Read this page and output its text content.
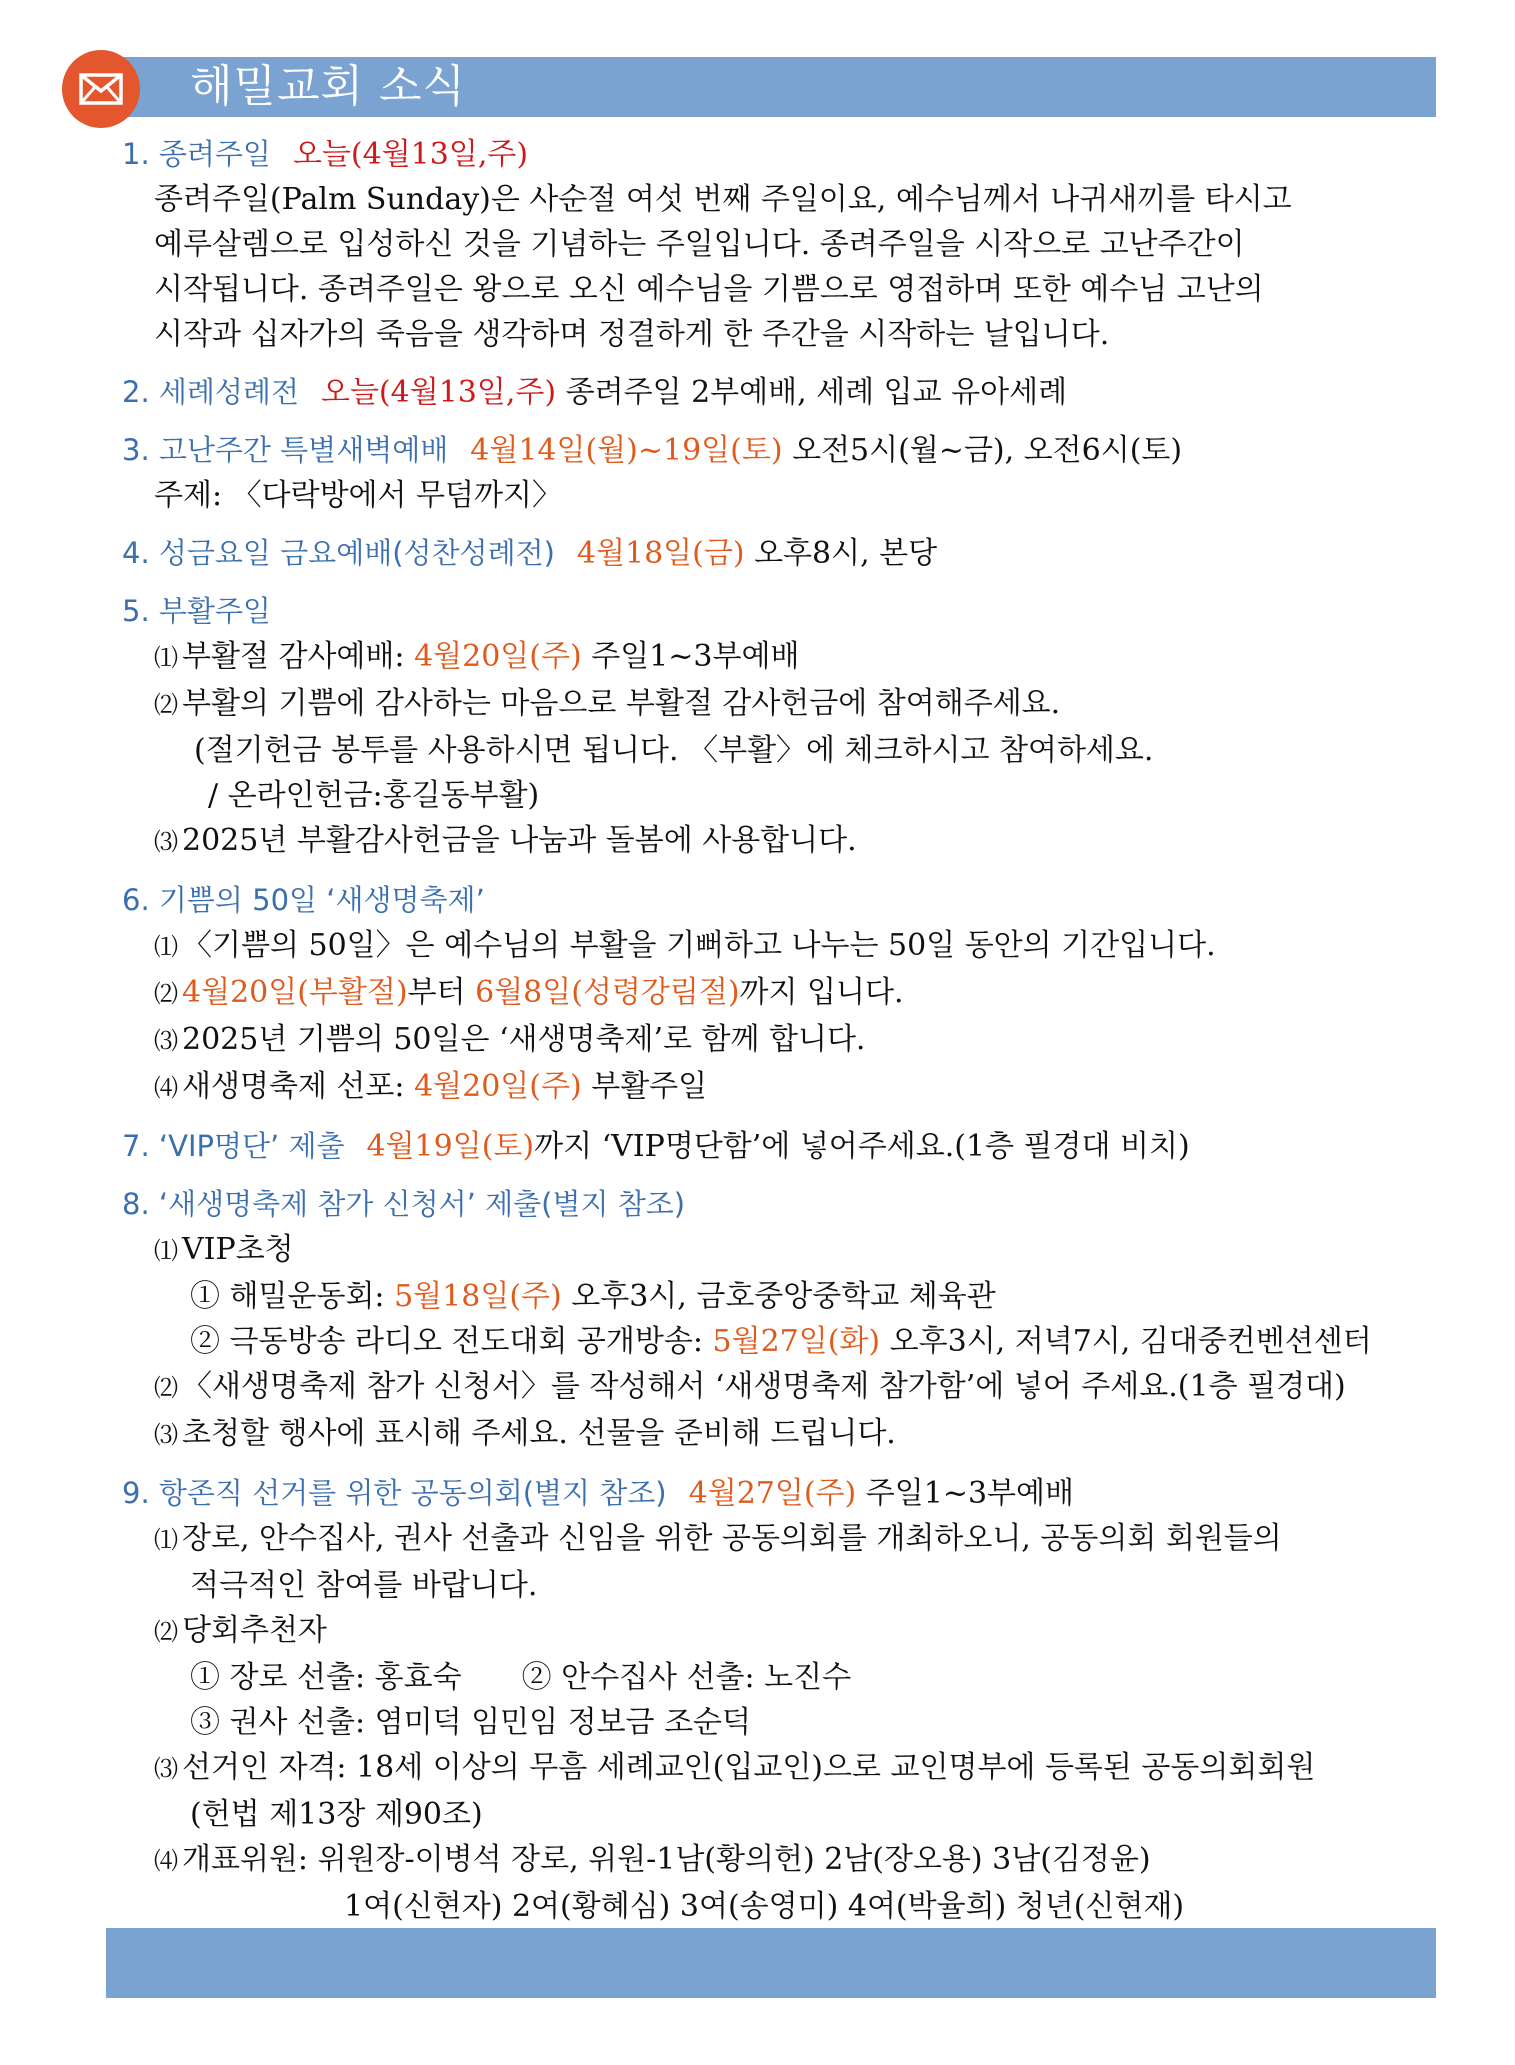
해밀교회 소식
1. 종려주일 오늘(4월13일,주)
종려주일(Palm Sunday)은 사순절 여섯 번째 주일이요, 예수님께서 나귀새끼를 타시고
예루살렘으로 입성하신 것을 기념하는 주일입니다. 종려주일을 시작으로 고난주간이
시작됩니다. 종려주일은 왕으로 오신 예수님을 기쁨으로 영접하며 또한 예수님 고난의
시작과 십자가의 죽음을 생각하며 정결하게 한 주간을 시작하는 날입니다.
2. 세례성례전 오늘(4월13일,주) 종려주일 2부예배, 세례 입교 유아세례
3. 고난주간 특별새벽예배 4월14일(월)~19일(토) 오전5시(월~금), 오전6시(토)
주제: 〈다락방에서 무덤까지〉
4. 성금요일 금요예배(성찬성례전) 4월18일(금) 오후8시, 본당
5. 부활주일
⑴ 부활절 감사예배: 4월20일(주) 주일1~3부예배
⑵ 부활의 기쁨에 감사하는 마음으로 부활절 감사헌금에 참여해주세요.
(절기헌금 봉투를 사용하시면 됩니다. 〈부활〉에 체크하시고 참여하세요.
/ 온라인헌금:홍길동부활)
⑶ 2025년 부활감사헌금을 나눔과 돌봄에 사용합니다.
6. 기쁨의 50일 ‘새생명축제’
⑴ 〈기쁨의 50일〉은 예수님의 부활을 기뻐하고 나누는 50일 동안의 기간입니다.
⑵ 4월20일(부활절)부터 6월8일(성령강림절)까지 입니다.
⑶ 2025년 기쁨의 50일은 ‘새생명축제’로 함께 합니다.
⑷ 새생명축제 선포: 4월20일(주) 부활주일
7. ‘VIP명단’ 제출 4월19일(토)까지 ‘VIP명단함’에 넣어주세요.(1층 필경대 비치)
8. ‘새생명축제 참가 신청서’ 제출(별지 참조)
⑴ VIP초청
① 해밀운동회: 5월18일(주) 오후3시, 금호중앙중학교 체육관
② 극동방송 라디오 전도대회 공개방송: 5월27일(화) 오후3시, 저녁7시, 김대중컨벤션센터
⑵ 〈새생명축제 참가 신청서〉를 작성해서 ‘새생명축제 참가함’에 넣어 주세요.(1층 필경대)
⑶ 초청할 행사에 표시해 주세요. 선물을 준비해 드립니다.
9. 항존직 선거를 위한 공동의회(별지 참조) 4월27일(주) 주일1~3부예배
⑴ 장로, 안수집사, 권사 선출과 신임을 위한 공동의회를 개최하오니, 공동의회 회원들의
적극적인 참여를 바랍니다.
⑵ 당회추천자
① 장로 선출: 홍효숙 ② 안수집사 선출: 노진수
③ 권사 선출: 염미덕 임민임 정보금 조순덕
⑶ 선거인 자격: 18세 이상의 무흠 세례교인(입교인)으로 교인명부에 등록된 공동의회회원
(헌법 제13장 제90조)
⑷ 개표위원: 위원장-이병석 장로, 위원-1남(황의헌) 2남(장오용) 3남(김정윤)
1여(신현자) 2여(황혜심) 3여(송영미) 4여(박율희) 청년(신현재)
